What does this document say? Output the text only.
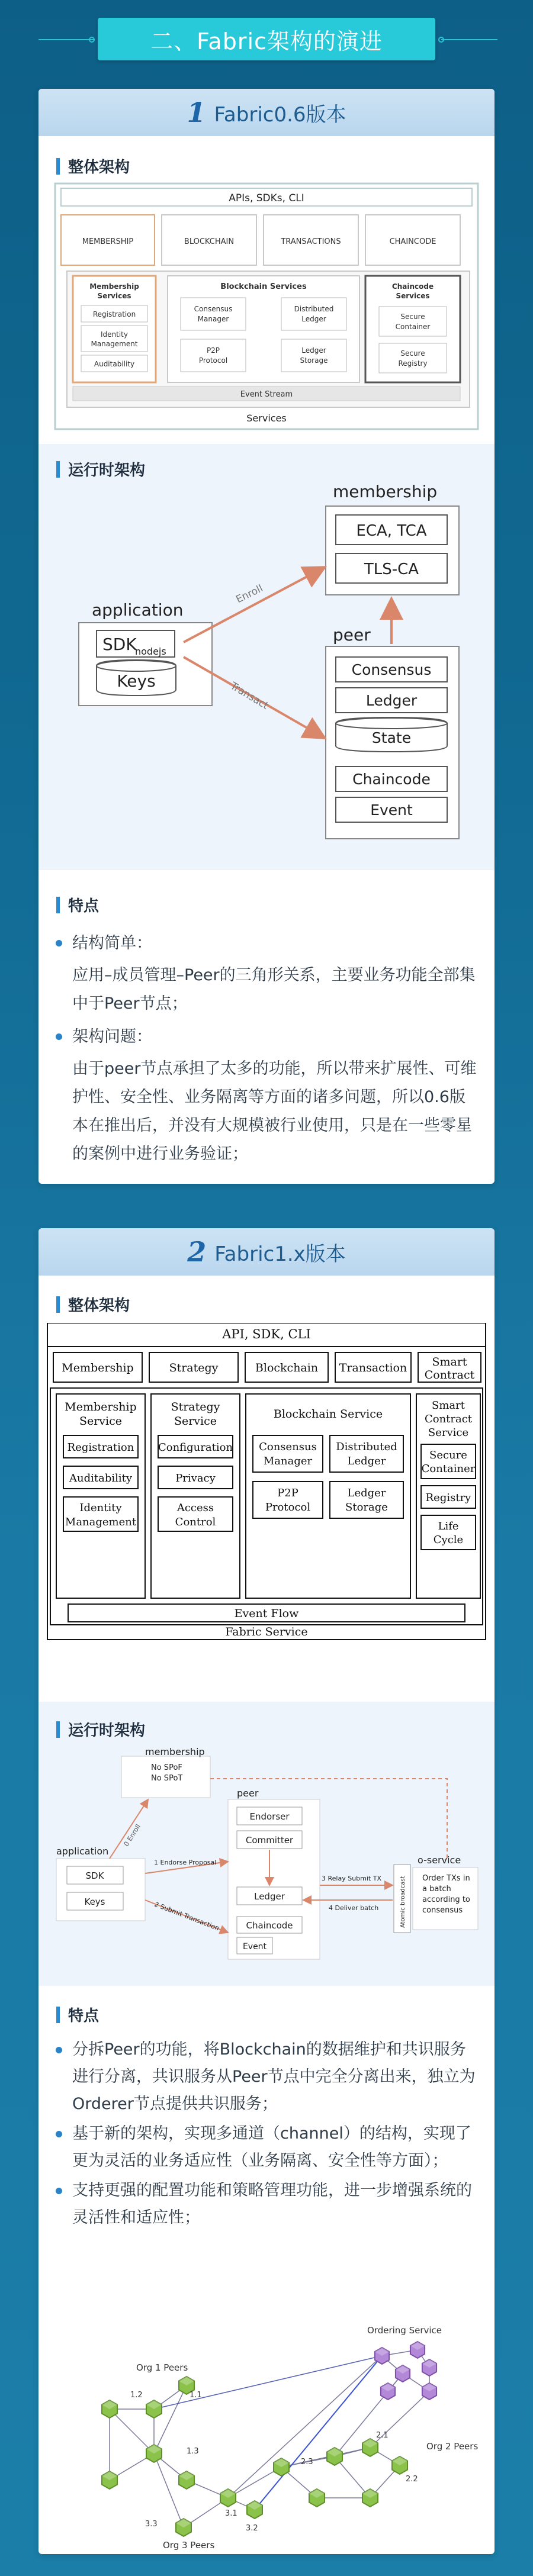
二、Fabric架构的演进
1 Fabric0.6版本
整体架构
APIs, SDKs, CLI
MEMBERSHIP	BLOCKCHAIN	TRANSACTIONS	CHAINCODE
Membership
Services
Registration
Identity
Management
Auditability
Blockchain Services
Consensus
Manager
Distributed
Ledger
P2P
Protocol
Ledger
Storage
Chaincode
Services
Secure
Container
Secure
Registry
Event Stream
Services
运行时架构
membership
ECA, TCA
TLS-CA
application
SDK
nodejs
Keys
peer
Consensus
Ledger
State
Chaincode
Event
Enroll
Transact
特点
结构简单：
应用–成员管理–Peer的三角形关系，主要业务功能全部集中于Peer节点；
架构问题：
由于peer节点承担了太多的功能，所以带来扩展性、可维护性、安全性、业务隔离等方面的诸多问题，所以0.6版本在推出后，并没有大规模被行业使用，只是在一些零星的案例中进行业务验证；
2 Fabric1.x版本
整体架构
API, SDK, CLI
Membership	Strategy	Blockchain Transaction Smart
Contract
Membership
Service
Registration
Auditability
Identity
Management
Strategy
Service
Configuration
Privacy
Access
Control
Blockchain Service
Consensus
Manager
Distributed
Ledger
P2P
Protocol
Ledger
Storage
Smart
Contract
Service
Secure
Container
Registry
Life
Cycle
Event Flow
Fabric Service
运行时架构
membership
No SPoF
No SPoT
application
SDK
Keys
peer
Endorser
Committer
Ledger
Chaincode
Event
Atomic broadcast
o-service
Order TXs in
a batch
according to
consensus
0 Enroll
1 Endorse Proposal
2 Submit Transaction
3 Relay Submit TX
4 Deliver batch
特点
分拆Peer的功能，将Blockchain的数据维护和共识服务进行分离，共识服务从Peer节点中完全分离出来，独立为Orderer节点提供共识服务；
基于新的架构，实现多通道（channel）的结构，实现了更为灵活的业务适应性（业务隔离、安全性等方面）；
支持更强的配置功能和策略管理功能，进一步增强系统的灵活性和适应性；
Ordering Service
Org 1 Peers
Org 2 Peers
Org 3 Peers
1.2	1.1
1.3
2.1
2.2
2.3
3.1
3.2
3.3
